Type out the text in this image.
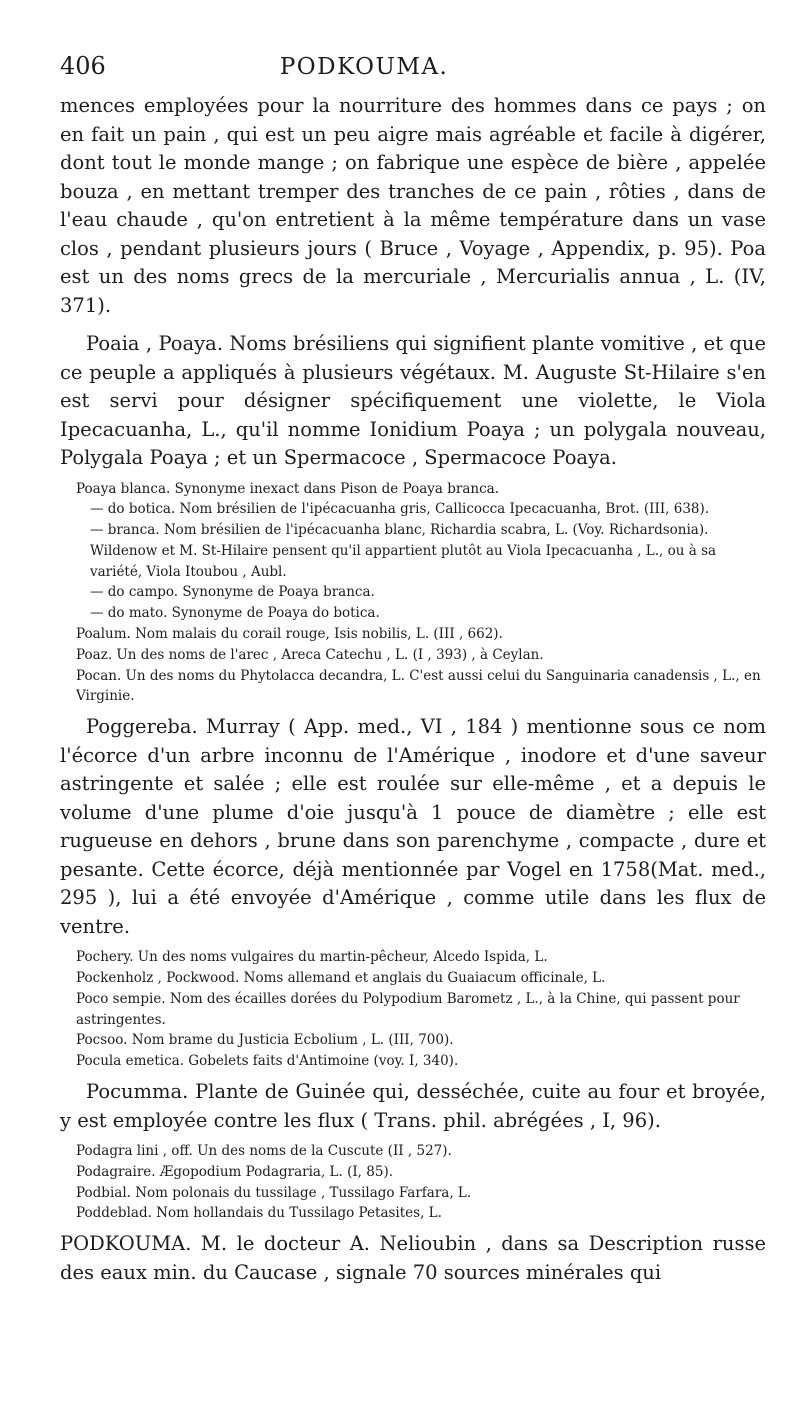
406	PODKOUMA.

mences employées pour la nourriture des hommes dans ce pays ; on en fait un pain , qui est un peu aigre mais agréable et facile à digérer, dont tout le monde mange ; on fabrique une espèce de bière , appelée bouza , en mettant tremper des tranches de ce pain , rôties , dans de l'eau chaude , qu'on entretient à la même température dans un vase clos , pendant plusieurs jours ( Bruce , Voyage , Appendix, p. 95). Poa est un des noms grecs de la mercuriale , Mercurialis annua , L. (IV, 371).

Poaia , Poaya. Noms brésiliens qui signifient plante vomitive , et que ce peuple a appliqués à plusieurs végétaux. M. Auguste St-Hilaire s'en est servi pour désigner spécifiquement une violette, le Viola Ipecacuanha, L., qu'il nomme Ionidium Poaya ; un polygala nouveau, Polygala Poaya ; et un Spermacoce , Spermacoce Poaya.

Poaya blanca. Synonyme inexact dans Pison de Poaya branca.

— do botica. Nom brésilien de l'ipécacuanha gris, Callicocca Ipecacuanha, Brot. (III, 638).

— branca. Nom brésilien de l'ipécacuanha blanc, Richardia scabra, L. (Voy. Richardsonia). Wildenow et M. St-Hilaire pensent qu'il appartient plutôt au Viola Ipecacuanha , L., ou à sa variété, Viola Itoubou , Aubl.

— do campo. Synonyme de Poaya branca.

— do mato. Synonyme de Poaya do botica.

Poalum. Nom malais du corail rouge, Isis nobilis, L. (III , 662).

Poaz. Un des noms de l'arec , Areca Catechu , L. (I , 393) , à Ceylan.

Pocan. Un des noms du Phytolacca decandra, L. C'est aussi celui du Sanguinaria canadensis , L., en Virginie.

Poggereba. Murray ( App. med., VI , 184 ) mentionne sous ce nom l'écorce d'un arbre inconnu de l'Amérique , inodore et d'une saveur astringente et salée ; elle est roulée sur elle-même , et a depuis le volume d'une plume d'oie jusqu'à 1 pouce de diamètre ; elle est rugueuse en dehors , brune dans son parenchyme , compacte , dure et pesante. Cette écorce, déjà mentionnée par Vogel en 1758(Mat. med., 295 ), lui a été envoyée d'Amérique , comme utile dans les flux de ventre.

Pochery. Un des noms vulgaires du martin-pêcheur, Alcedo Ispida, L.

Pockenholz , Pockwood. Noms allemand et anglais du Guaiacum officinale, L.

Poco sempie. Nom des écailles dorées du Polypodium Barometz , L., à la Chine, qui passent pour astringentes.

Pocsoo. Nom brame du Justicia Ecbolium , L. (III, 700).

Pocula emetica. Gobelets faits d'Antimoine (voy. I, 340).

Pocumma. Plante de Guinée qui, desséchée, cuite au four et broyée, y est employée contre les flux ( Trans. phil. abrégées , I, 96).

Podagra lini , off. Un des noms de la Cuscute (II , 527).

Podagraire. Ægopodium Podagraria, L. (I, 85).

Podbial. Nom polonais du tussilage , Tussilago Farfara, L.

Poddeblad. Nom hollandais du Tussilago Petasites, L.

PODKOUMA. M. le docteur A. Nelioubin , dans sa Description russe des eaux min. du Caucase , signale 70 sources minérales qui
